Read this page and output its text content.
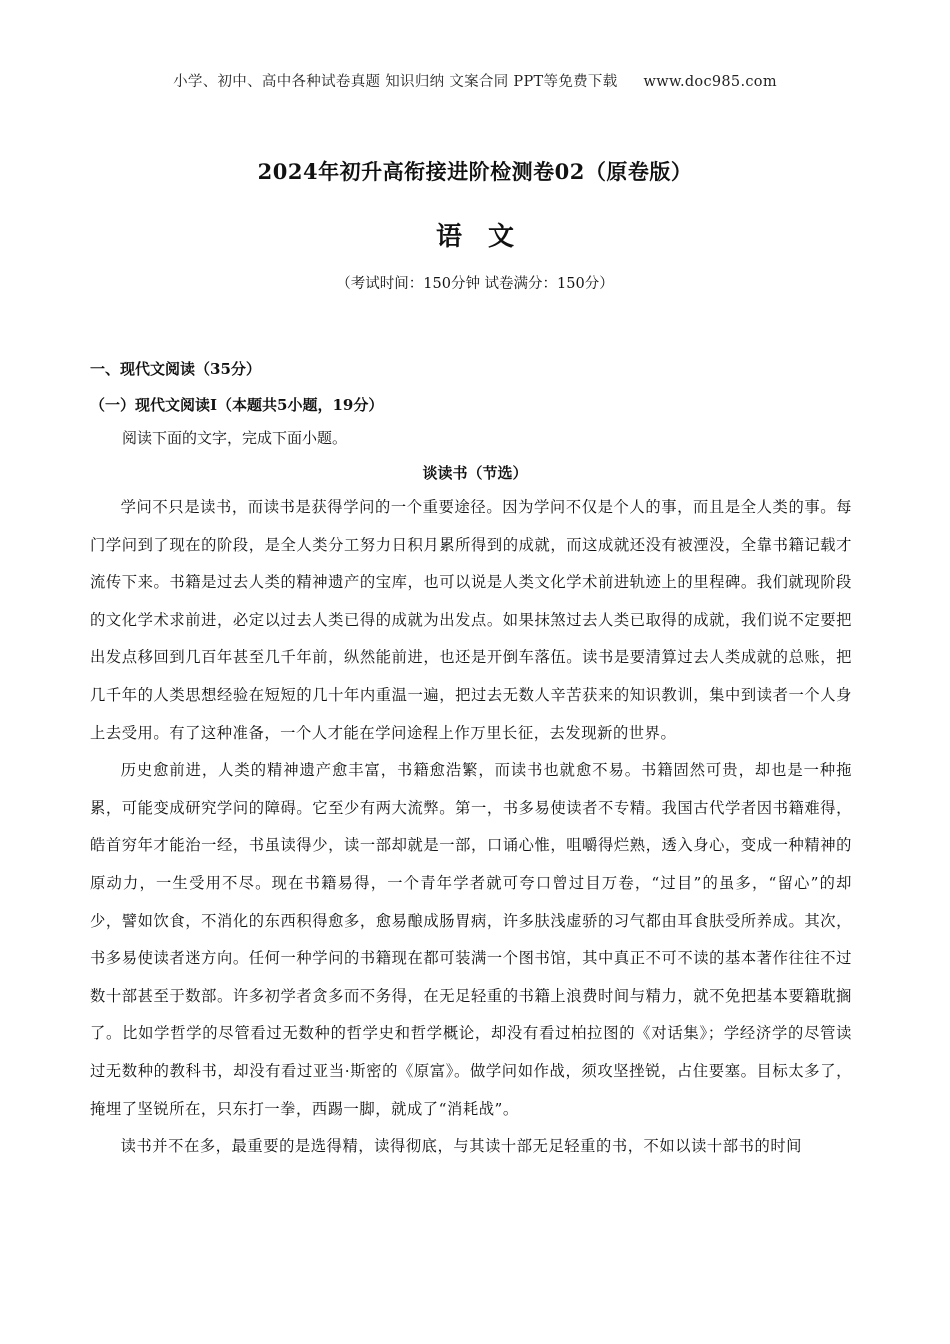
小学、初中、高中各种试卷真题 知识归纳 文案合同 PPT等免费下载 www.doc985.com
2024年初升高衔接进阶检测卷02（原卷版）
语文
（考试时间：150分钟 试卷满分：150分）
一、现代文阅读（35分）
（一）现代文阅读Ⅰ（本题共5小题，19分）
阅读下面的文字，完成下面小题。
谈读书（节选）

学问不只是读书，而读书是获得学问的一个重要途径。因为学问不仅是个人的事，而且是全人类的事。每门学问到了现在的阶段，是全人类分工努力日积月累所得到的成就，而这成就还没有被湮没，全靠书籍记载才流传下来。书籍是过去人类的精神遗产的宝库，也可以说是人类文化学术前进轨迹上的里程碑。我们就现阶段的文化学术求前进，必定以过去人类已得的成就为出发点。如果抹煞过去人类已取得的成就，我们说不定要把出发点移回到几百年甚至几千年前，纵然能前进，也还是开倒车落伍。读书是要清算过去人类成就的总账，把几千年的人类思想经验在短短的几十年内重温一遍，把过去无数人辛苦获来的知识教训，集中到读者一个人身上去受用。有了这种准备，一个人才能在学问途程上作万里长征，去发现新的世界。

历史愈前进，人类的精神遗产愈丰富，书籍愈浩繁，而读书也就愈不易。书籍固然可贵，却也是一种拖累，可能变成研究学问的障碍。它至少有两大流弊。第一，书多易使读者不专精。我国古代学者因书籍难得，皓首穷年才能治一经，书虽读得少，读一部却就是一部，口诵心惟，咀嚼得烂熟，透入身心，变成一种精神的原动力，一生受用不尽。现在书籍易得，一个青年学者就可夸口曾过目万卷，“过目”的虽多，“留心”的却少，譬如饮食，不消化的东西积得愈多，愈易酿成肠胃病，许多肤浅虚骄的习气都由耳食肤受所养成。其次，书多易使读者迷方向。任何一种学问的书籍现在都可装满一个图书馆，其中真正不可不读的基本著作往往不过数十部甚至于数部。许多初学者贪多而不务得，在无足轻重的书籍上浪费时间与精力，就不免把基本要籍耽搁了。比如学哲学的尽管看过无数种的哲学史和哲学概论，却没有看过柏拉图的《对话集》；学经济学的尽管读过无数种的教科书，却没有看过亚当·斯密的《原富》。做学问如作战，须攻坚挫锐，占住要塞。目标太多了，掩埋了坚锐所在，只东打一拳，西踢一脚，就成了“消耗战”。

读书并不在多，最重要的是选得精，读得彻底，与其读十部无足轻重的书，不如以读十部书的时间
